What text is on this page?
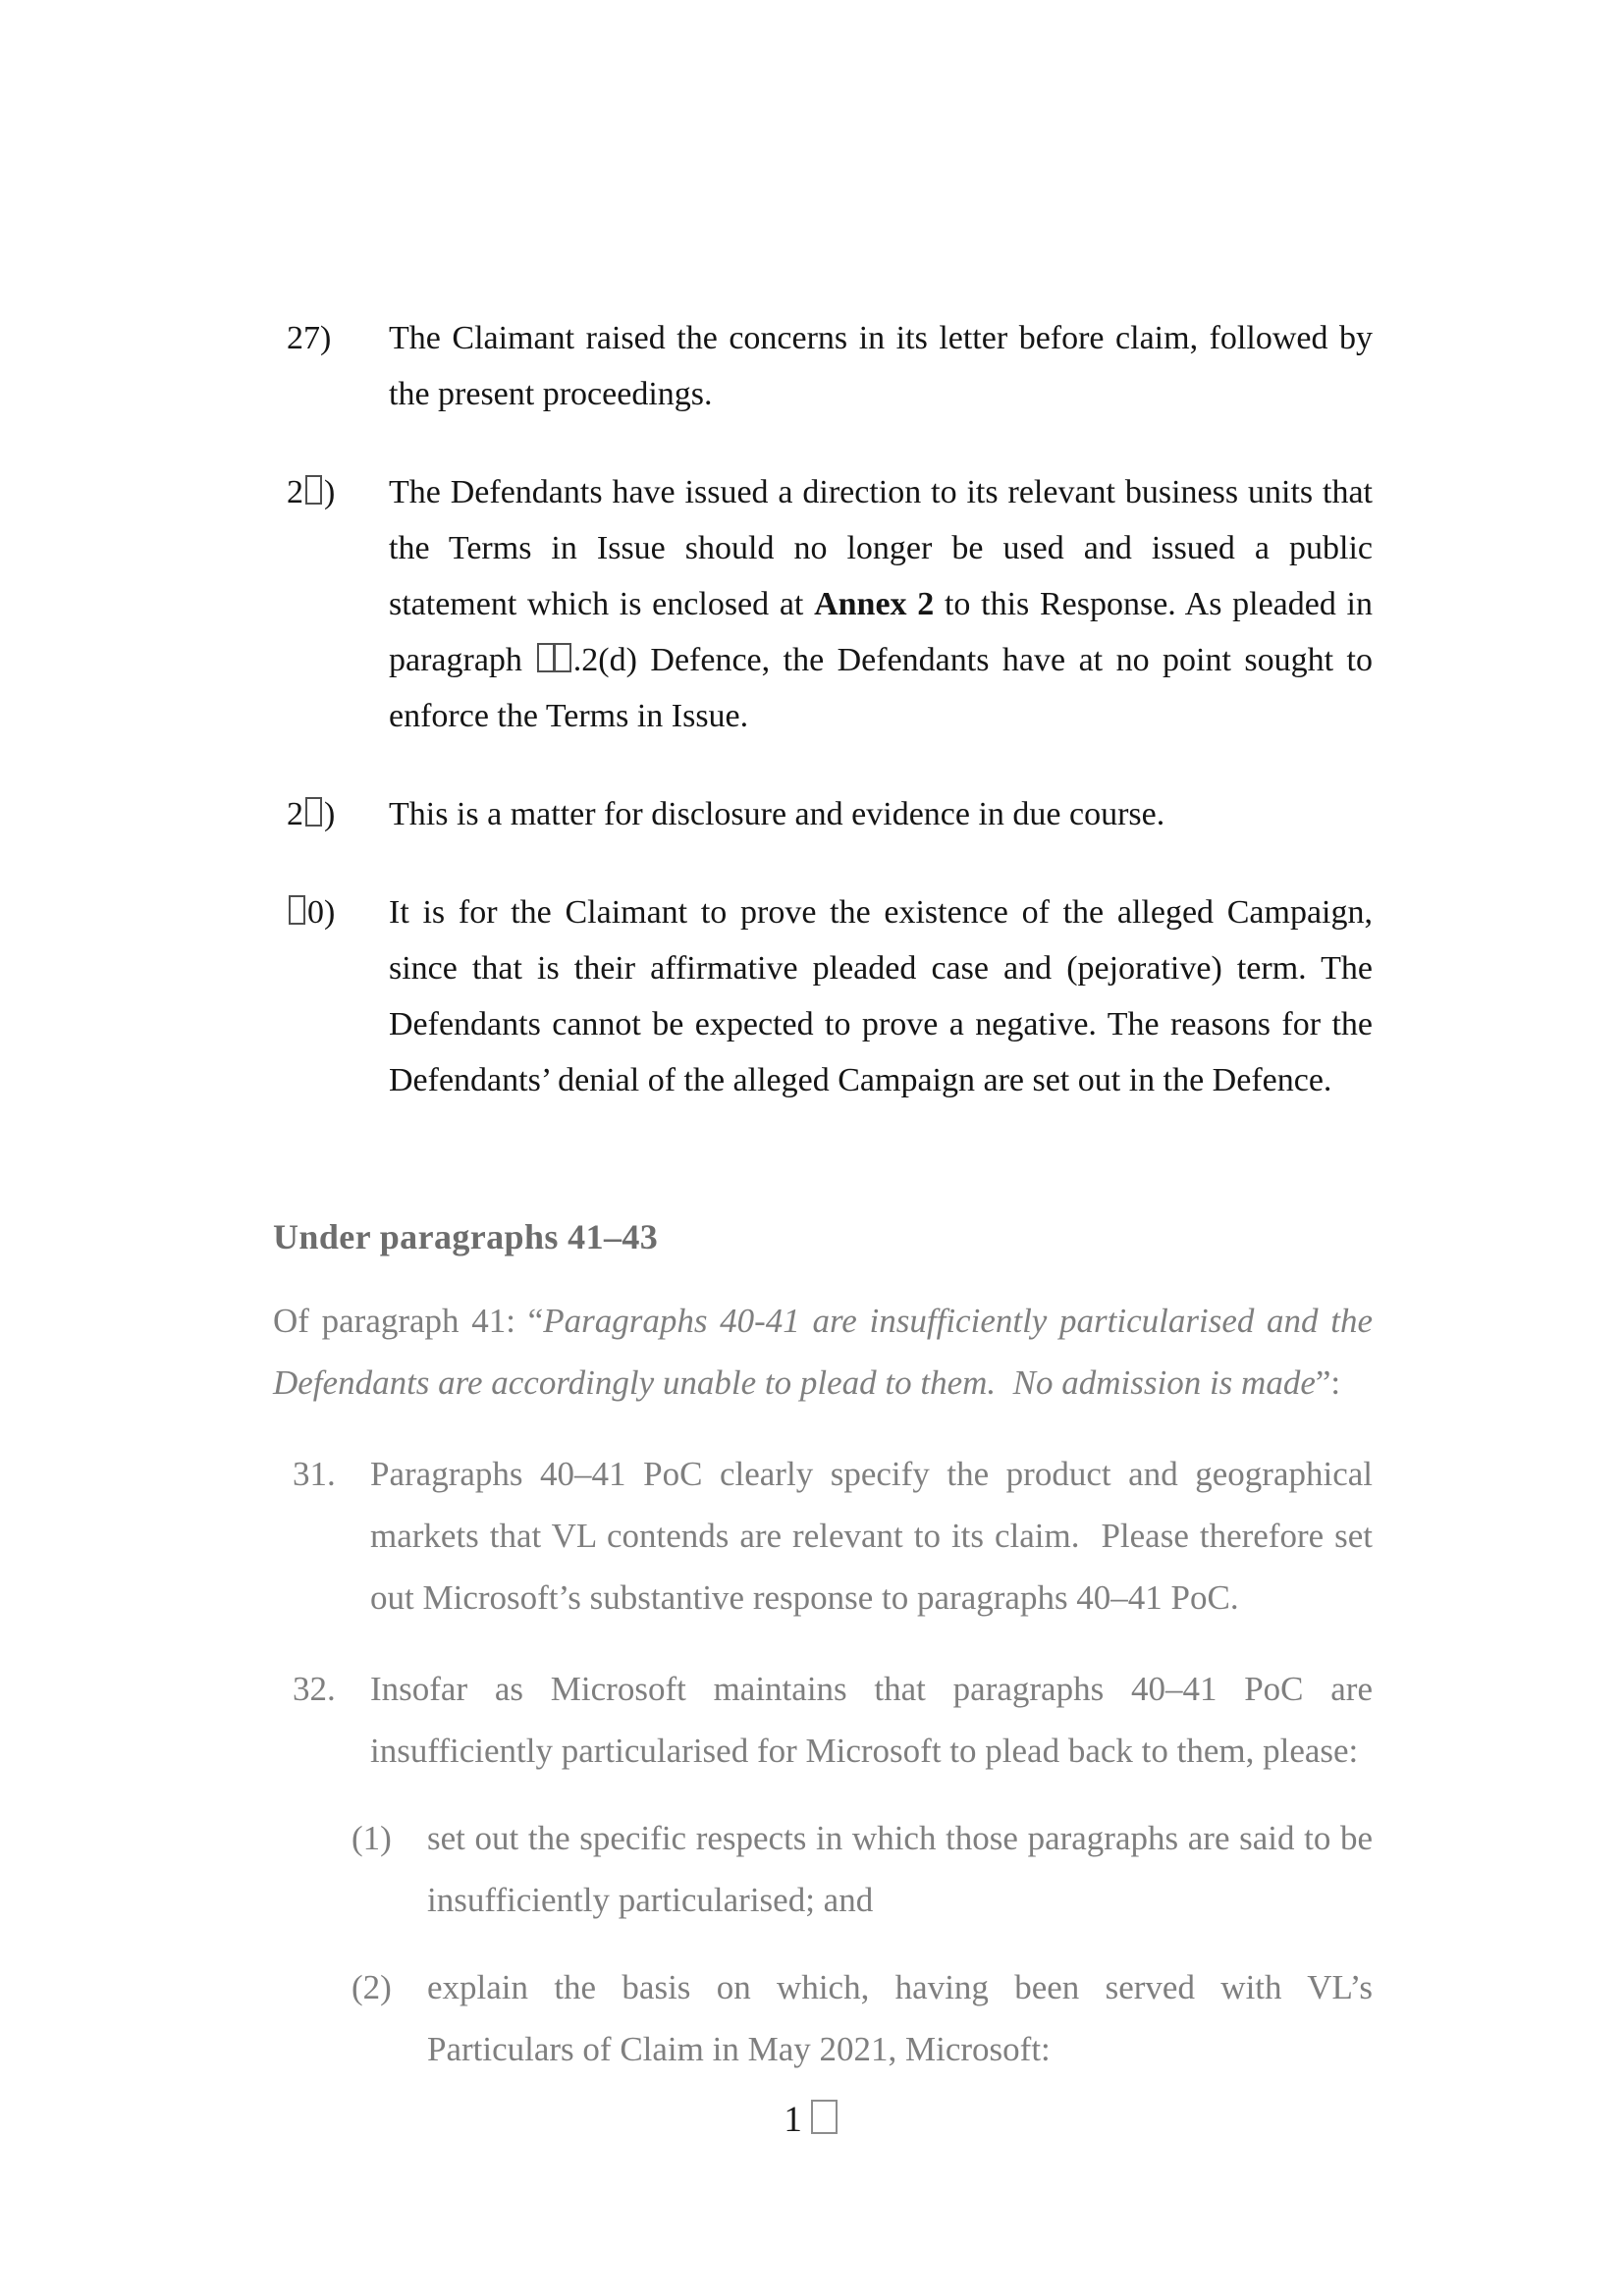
27)	The Claimant raised the concerns in its letter before claim, followed by the present proceedings.
2 )	The Defendants have issued a direction to its relevant business units that the Terms in Issue should no longer be used and issued a public statement which is enclosed at Annex 2 to this Response. As pleaded in paragraph .2(d) Defence, the Defendants have at no point sought to enforce the Terms in Issue.
2 )	This is a matter for disclosure and evidence in due course.
0)	It is for the Claimant to prove the existence of the alleged Campaign, since that is their affirmative pleaded case and (pejorative) term. The Defendants cannot be expected to prove a negative. The reasons for the Defendants’ denial of the alleged Campaign are set out in the Defence.
Under paragraphs 41–43

Of paragraph 41: “Paragraphs 40-41 are insufficiently particularised and the Defendants are accordingly unable to plead to them.  No admission is made”:

31.	Paragraphs 40–41 PoC clearly specify the product and geographical markets that VL contends are relevant to its claim.  Please therefore set out Microsoft’s substantive response to paragraphs 40–41 PoC.
32.	Insofar as Microsoft maintains that paragraphs 40–41 PoC are insufficiently particularised for Microsoft to plead back to them, please:
(1)	set out the specific respects in which those paragraphs are said to be insufficiently particularised; and
(2)	explain the basis on which, having been served with VL’s Particulars of Claim in May 2021, Microsoft:
1
